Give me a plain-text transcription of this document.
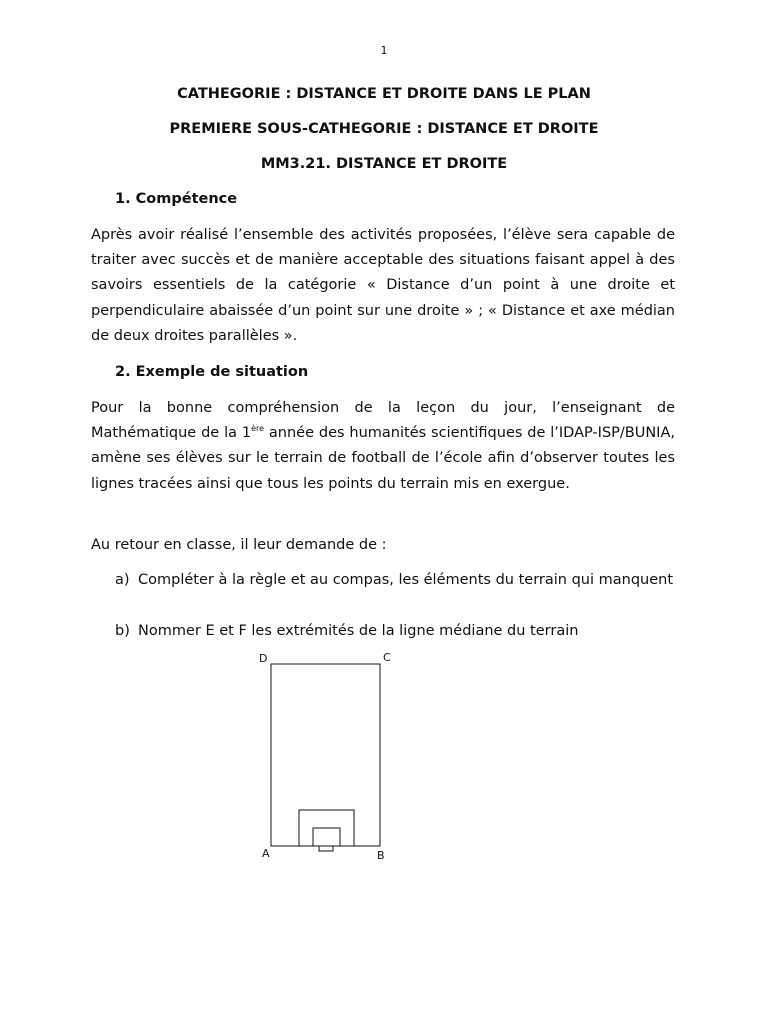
1
CATHEGORIE : DISTANCE ET DROITE DANS LE PLAN
PREMIERE SOUS-CATHEGORIE : DISTANCE ET DROITE
MM3.21. DISTANCE ET DROITE
1. Compétence
Après avoir réalisé l’ensemble des activités proposées, l’élève sera capable de traiter avec succès et de manière acceptable des situations faisant appel à des savoirs essentiels de la catégorie « Distance d’un point à une droite et perpendiculaire abaissée d’un point sur une droite » ; « Distance et axe médian de deux droites parallèles ».
2. Exemple de situation
Pour la bonne compréhension de la leçon du jour, l’enseignant de Mathématique de la 1ère année des humanités scientifiques de l’IDAP-ISP/BUNIA, amène ses élèves sur le terrain de football de l’école afin d’observer toutes les lignes tracées ainsi que tous les points du terrain mis en exergue.
Au retour en classe, il leur demande de :
a) Compléter à la règle et au compas, les éléments du terrain qui manquent
b) Nommer E et F les extrémités de la ligne médiane du terrain
D	C
A	B
